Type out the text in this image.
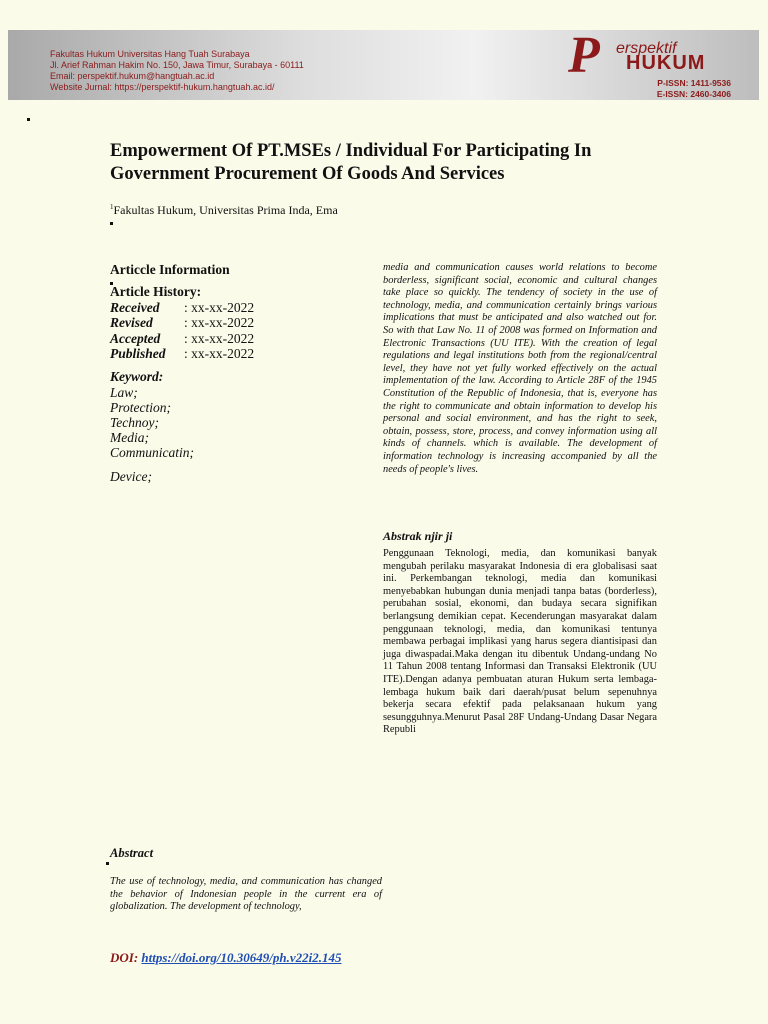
Fakultas Hukum Universitas Hang Tuah Surabaya
Jl. Arief Rahman Hakim No. 150, Jawa Timur, Surabaya - 60111
Email: perspektif.hukum@hangtuah.ac.id
Website Jurnal: https://perspektif-hukum.hangtuah.ac.id/
P erspektif
HUKUM
P-ISSN: 1411-9536
E-ISSN: 2460-3406
Empowerment Of PT.MSEs / Individual For Participating In Government Procurement Of Goods And Services
$^1$Fakultas Hukum, Universitas Prima Inda, Ema
Articcle Information
Article History:
Received : xx-xx-2022
Revised : xx-xx-2022
Accepted : xx-xx-2022
Published : xx-xx-2022
Keyword:
Law;
Protection;
Technoy;
Media;
Communicatin;
Device;
media and communication causes world relations to become borderless, significant social, economic and cultural changes take place so quickly. The tendency of society in the use of technology, media, and communication certainly brings various implications that must be anticipated and also watched out for. So with that Law No. 11 of 2008 was formed on Information and Electronic Transactions (UU ITE). With the creation of legal regulations and legal institutions both from the regional/central level, they have not yet fully worked effectively on the actual implementation of the law. According to Article 28F of the 1945 Constitution of the Republic of Indonesia, that is, everyone has the right to communicate and obtain information to develop his personal and social environment, and has the right to seek, obtain, possess, store, process, and convey information using all kinds of channels. which is available. The development of information technology is increasing accompanied by all the needs of people's lives.
Abstrak njir ji
Penggunaan Teknologi, media, dan komunikasi banyak mengubah perilaku masyarakat Indonesia di era globalisasi saat ini. Perkembangan teknologi, media dan komunikasi menyebabkan hubungan dunia menjadi tanpa batas (borderless), perubahan sosial, ekonomi, dan budaya secara signifikan berlangsung demikian cepat. Kecenderungan masyarakat dalam penggunaan teknologi, media, dan komunikasi tentunya membawa perbagai implikasi yang harus segera diantisipasi dan juga diwaspadai.Maka dengan itu dibentuk Undang-undang No 11 Tahun 2008 tentang Informasi dan Transaksi Elektronik (UU ITE).Dengan adanya pembuatan aturan Hukum serta lembaga-lembaga hukum baik dari daerah/pusat belum sepenuhnya bekerja secara efektif pada pelaksanaan hukum yang sesungguhnya.Menurut Pasal 28F Undang-Undang Dasar Negara Republi
Abstract
The use of technology, media, and communication has changed the behavior of Indonesian people in the current era of globalization. The development of technology,
DOI: https://doi.org/10.30649/ph.v22i2.145
